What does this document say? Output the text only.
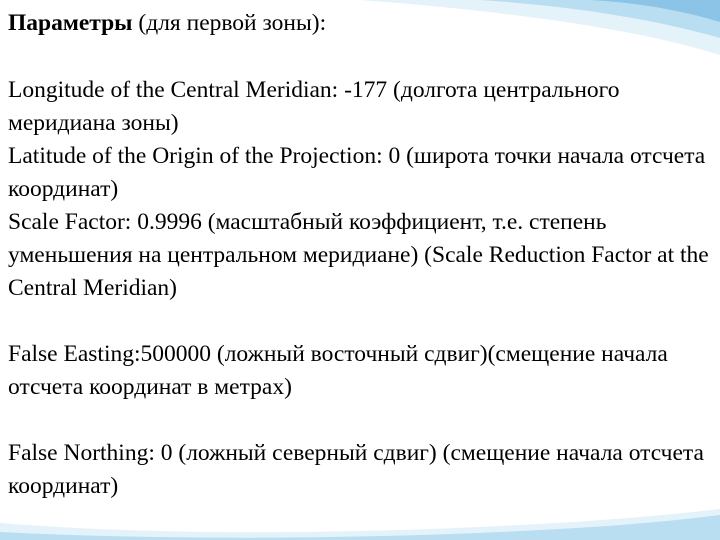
Параметры (для первой зоны):

Longitude of the Central Meridian: -177 (долгота центрального меридиана зоны)

Latitude of the Origin of the Projection: 0 (широта точки начала отсчета координат)

Scale Factor: 0.9996 (масштабный коэффициент, т.е. степень уменьшения на центральном меридиане) (Scale Reduction Factor at the Central Meridian)

False Easting:500000 (ложный восточный сдвиг)(смещение начала отсчета координат в метрах)

False Northing: 0 (ложный северный сдвиг) (смещение начала отсчета координат)
